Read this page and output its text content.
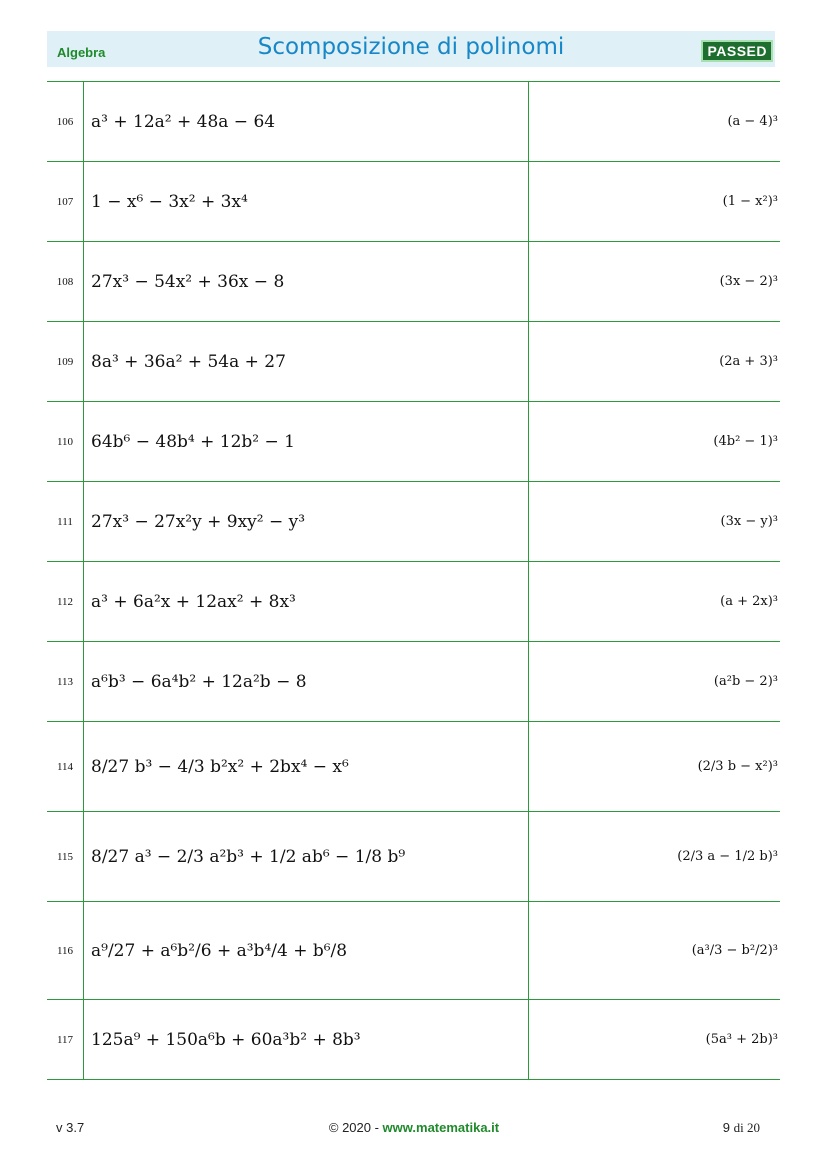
Algebra	Scomposizione di polinomi	PASSED
106	a³ + 12a² + 48a − 64	(a − 4)³
107	1 − x⁶ − 3x² + 3x⁴	(1 − x²)³
108	27x³ − 54x² + 36x − 8	(3x − 2)³
109	8a³ + 36a² + 54a + 27	(2a + 3)³
110	64b⁶ − 48b⁴ + 12b² − 1	(4b² − 1)³
111	27x³ − 27x²y + 9xy² − y³	(3x − y)³
112	a³ + 6a²x + 12ax² + 8x³	(a + 2x)³
113	a⁶b³ − 6a⁴b² + 12a²b − 8	(a²b − 2)³
114	8/27 b³ − 4/3 b²x² + 2bx⁴ − x⁶	(2/3 b − x²)³
115	8/27 a³ − 2/3 a²b³ + 1/2 ab⁶ − 1/8 b⁹	(2/3 a − 1/2 b)³
116	a⁹/27 + a⁶b²/6 + a³b⁴/4 + b⁶/8	(a³/3 − b²/2)³
117	125a⁹ + 150a⁶b + 60a³b² + 8b³	(5a³ + 2b)³
v 3.7	© 2020 - www.matematika.it	9 di 20
